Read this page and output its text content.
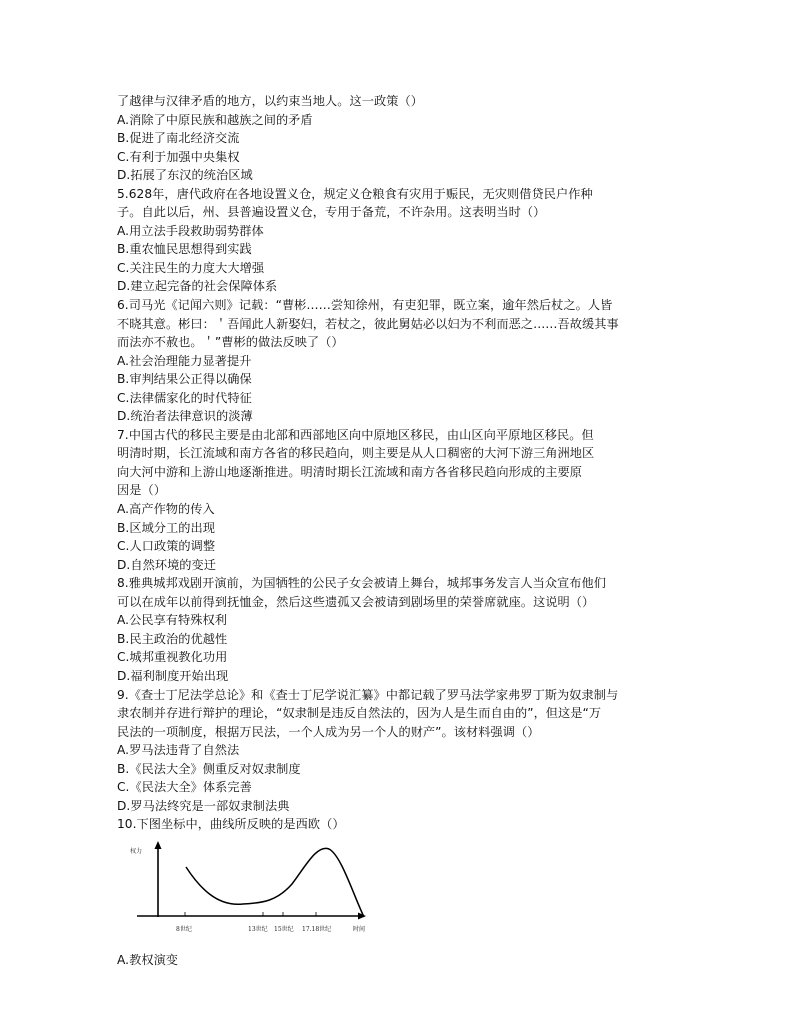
了越律与汉律矛盾的地方，以约束当地人。这一政策（）
A.消除了中原民族和越族之间的矛盾
B.促进了南北经济交流
C.有利于加强中央集权
D.拓展了东汉的统治区域
5.628年，唐代政府在各地设置义仓，规定义仓粮食有灾用于赈民，无灾则借贷民户作种
子。自此以后，州、县普遍设置义仓，专用于备荒，不许杂用。这表明当时（）
A.用立法手段救助弱势群体
B.重农恤民思想得到实践
C.关注民生的力度大大增强
D.建立起完备的社会保障体系
6.司马光《记闻六则》记载：“曹彬……尝知徐州，有吏犯罪，既立案，逾年然后杖之。人皆
不晓其意。彬曰：＇吾闻此人新娶妇，若杖之，彼此舅姑必以妇为不利而恶之……吾故缓其事
而法亦不赦也。＇”曹彬的做法反映了（）
A.社会治理能力显著提升
B.审判结果公正得以确保
C.法律儒家化的时代特征
D.统治者法律意识的淡薄
7.中国古代的移民主要是由北部和西部地区向中原地区移民，由山区向平原地区移民。但
明清时期，长江流域和南方各省的移民趋向，则主要是从人口稠密的大河下游三角洲地区
向大河中游和上游山地逐渐推进。明清时期长江流域和南方各省移民趋向形成的主要原
因是（）
A.高产作物的传入
B.区域分工的出现
C.人口政策的调整
D.自然环境的变迁
8.雅典城邦戏剧开演前，为国牺牲的公民子女会被请上舞台，城邦事务发言人当众宣布他们
可以在成年以前得到抚恤金，然后这些遗孤又会被请到剧场里的荣誉席就座。这说明（）
A.公民享有特殊权利
B.民主政治的优越性
C.城邦重视教化功用
D.福利制度开始出现
9.《查士丁尼法学总论》和《查士丁尼学说汇纂》中都记载了罗马法学家弗罗丁斯为奴隶制与
隶农制并存进行辩护的理论，“奴隶制是违反自然法的，因为人是生而自由的”，但这是“万
民法的一项制度，根据万民法，一个人成为另一个人的财产”。该材料强调（）
A.罗马法违背了自然法
B.《民法大全》侧重反对奴隶制度
C.《民法大全》体系完善
D.罗马法终究是一部奴隶制法典
10.下图坐标中，曲线所反映的是西欧（）
权力
8世纪	13世纪 15世纪 17.18世纪	时间
A.教权演变
